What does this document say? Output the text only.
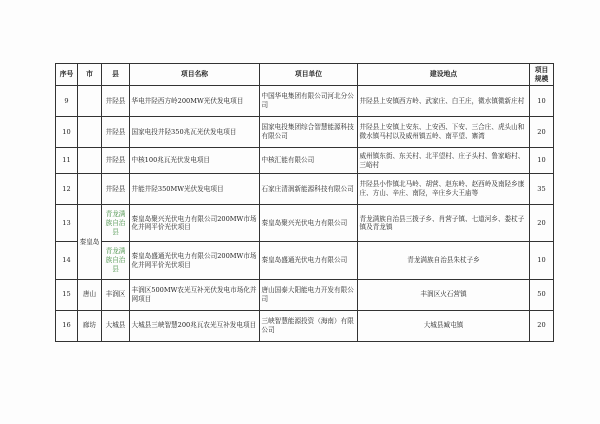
序号	市	县	项目名称	项目单位	建设地点	项目规模
9		井陉县	华电井陉西方岭200MW光伏发电项目	中国华电集团有限公司河北分公司	井陉县上安镇西方岭、武家庄、白王庄，微水镇微新庄村	10
10		井陉县	国家电投井陉350兆瓦光伏发电项目	国家电投集团综合智慧能源科技有限公司	井陉县上安镇上安东、上安西、下安、三合庄、虎头山和微水镇马村以及威州镇五岭、南平望、寨湾	20
11		井陉县	中核100兆瓦光伏发电项目	中核汇能有限公司	威州镇东街、东关村、北平望村、庄子头村、鲁家峪村、三峪村	10
12		井陉县	井能井陉350MW光伏发电项目	石家庄清润新能源科技有限公司	井陉县小作镇北马岭、胡营、赵东岭、赵西岭及南陉乡康庄、方山、辛庄、南陉，辛庄乡大王庙等	35
13	秦皇岛	青龙满族自治县	秦皇岛聚兴光伏电力有限公司200MW市场化并网平价光伏项目	秦皇岛聚兴光伏电力有限公司	青龙满族自治县三拨子乡、肖营子镇、七道河乡、娄杖子镇及青龙镇	20
14		青龙满族自治县	秦皇岛盛通光伏电力有限公司200MW市场化并网平价光伏项目	秦皇岛盛通光伏电力有限公司	青龙满族自治县朱杖子乡	10
15	唐山	丰润区	丰润区500MW农光互补光伏发电市场化并网项目	唐山国泰大阳能电力开发有限公司	丰润区火石营镇	50
16	廊坊	大城县	大城县三峡智慧200兆瓦农光互补发电项目	三峡智慧能源投资（海南）有限公司	大城县臧屯镇	20
